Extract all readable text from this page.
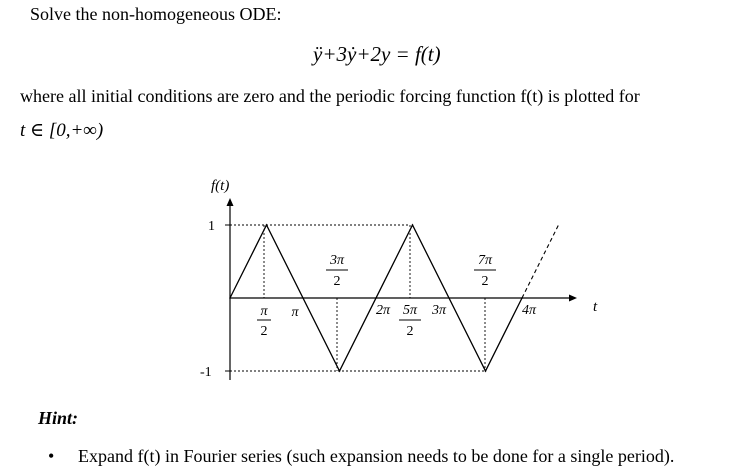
Solve the non-homogeneous ODE:
ÿ+3ẏ+2y = f(t)
where all initial conditions are zero and the periodic forcing function f(t) is plotted for
t ∈ [0,+∞)
f(t)
t
1
-1
π
2
π
3π
2
2π 5π
2
3π
7π
2
4π
Hint:
• Expand f(t) in Fourier series (such expansion needs to be done for a single period).
